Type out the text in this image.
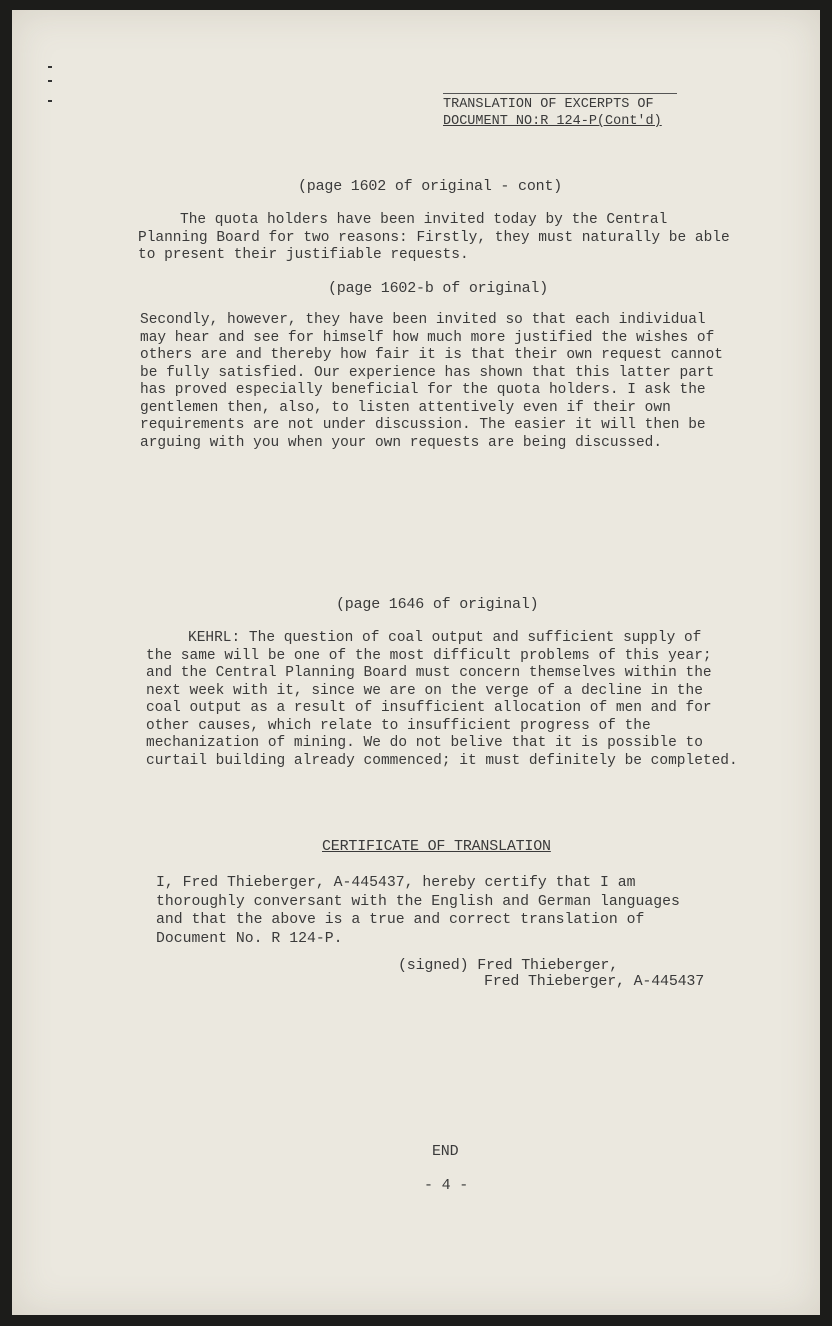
TRANSLATION OF EXCERPTS OF
DOCUMENT NO:R 124-P(Cont'd)
(page 1602 of original - cont)
The quota holders have been invited today by the Central
Planning Board for two reasons: Firstly, they must naturally be able
to present their justifiable requests.
(page 1602-b of original)
Secondly, however, they have been invited so that each individual
may hear and see for himself how much more justified the wishes of
others are and thereby how fair it is that their own request cannot
be fully satisfied. Our experience has shown that this latter part
has proved especially beneficial for the quota holders. I ask the
gentlemen then, also, to listen attentively even if their own
requirements are not under discussion. The easier it will then be
arguing with you when your own requests are being discussed.
(page 1646 of original)
KEHRL: The question of coal output and sufficient supply of
the same will be one of the most difficult problems of this year;
and the Central Planning Board must concern themselves within the
next week with it, since we are on the verge of a decline in the
coal output as a result of insufficient allocation of men and for
other causes, which relate to insufficient progress of the
mechanization of mining. We do not belive that it is possible to
curtail building already commenced; it must definitely be completed.
CERTIFICATE OF TRANSLATION
I, Fred Thieberger, A-445437, hereby certify that I am
thoroughly conversant with the English and German languages
and that the above is a true and correct translation of
Document No. R 124-P.
(signed) Fred Thieberger,
Fred Thieberger, A-445437
END
- 4 -
